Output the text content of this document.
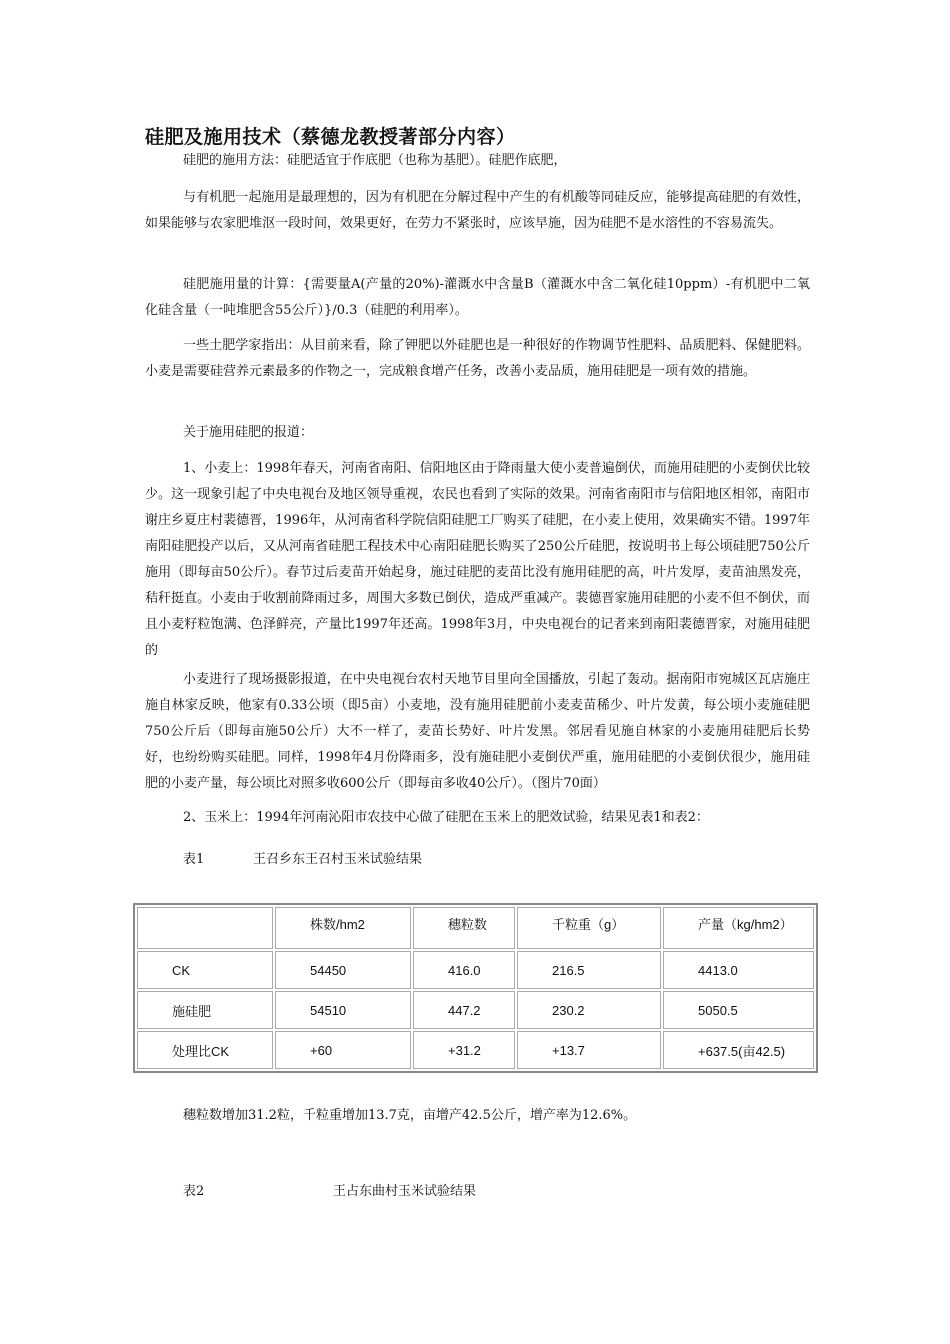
硅肥及施用技术（蔡德龙教授著部分内容）
硅肥的施用方法：硅肥适宜于作底肥（也称为基肥）。硅肥作底肥，
与有机肥一起施用是最理想的，因为有机肥在分解过程中产生的有机酸等同硅反应，能够提高硅肥的有效性，如果能够与农家肥堆沤一段时间，效果更好，在劳力不紧张时，应该早施，因为硅肥不是水溶性的不容易流失。
硅肥施用量的计算：{需要量A(产量的20%)-灌溉水中含量B（灌溉水中含二氧化硅10ppm）-有机肥中二氧化硅含量（一吨堆肥含55公斤）}/0.3（硅肥的利用率）。
一些土肥学家指出：从目前来看，除了钾肥以外硅肥也是一种很好的作物调节性肥料、品质肥料、保健肥料。小麦是需要硅营养元素最多的作物之一，完成粮食增产任务，改善小麦品质，施用硅肥是一项有效的措施。
关于施用硅肥的报道：
1、小麦上：1998年春天，河南省南阳、信阳地区由于降雨量大使小麦普遍倒伏，而施用硅肥的小麦倒伏比较少。这一现象引起了中央电视台及地区领导重视，农民也看到了实际的效果。河南省南阳市与信阳地区相邻，南阳市谢庄乡夏庄村裴德晋，1996年，从河南省科学院信阳硅肥工厂购买了硅肥，在小麦上使用，效果确实不错。1997年南阳硅肥投产以后，又从河南省硅肥工程技术中心南阳硅肥长购买了250公斤硅肥，按说明书上每公顷硅肥750公斤施用（即每亩50公斤）。春节过后麦苗开始起身，施过硅肥的麦苗比没有施用硅肥的高，叶片发厚，麦苗油黑发亮，秸秆挺直。小麦由于收割前降雨过多，周围大多数已倒伏，造成严重减产。裴德晋家施用硅肥的小麦不但不倒伏，而且小麦籽粒饱满、色泽鲜亮，产量比1997年还高。1998年3月，中央电视台的记者来到南阳裴德晋家，对施用硅肥的
小麦进行了现场摄影报道，在中央电视台农村天地节目里向全国播放，引起了轰动。据南阳市宛城区瓦店施庄施自林家反映，他家有0.33公顷（即5亩）小麦地，没有施用硅肥前小麦麦苗稀少、叶片发黄，每公顷小麦施硅肥750公斤后（即每亩施50公斤）大不一样了，麦苗长势好、叶片发黑。邻居看见施自林家的小麦施用硅肥后长势好，也纷纷购买硅肥。同样，1998年4月份降雨多，没有施硅肥小麦倒伏严重，施用硅肥的小麦倒伏很少，施用硅肥的小麦产量，每公顷比对照多收600公斤（即每亩多收40公斤）。（图片70面）
2、玉米上：1994年河南沁阳市农技中心做了硅肥在玉米上的肥效试验，结果见表1和表2：
表1	王召乡东王召村玉米试验结果
	株数/hm2	穗粒数	千粒重（g）	产量（kg/hm2）
CK	54450	416.0	216.5	4413.0
施硅肥	54510	447.2	230.2	5050.5
处理比CK	+60	+31.2	+13.7	+637.5(亩42.5)
穗粒数增加31.2粒，千粒重增加13.7克，亩增产42.5公斤，增产率为12.6%。
表2	王占东曲村玉米试验结果
